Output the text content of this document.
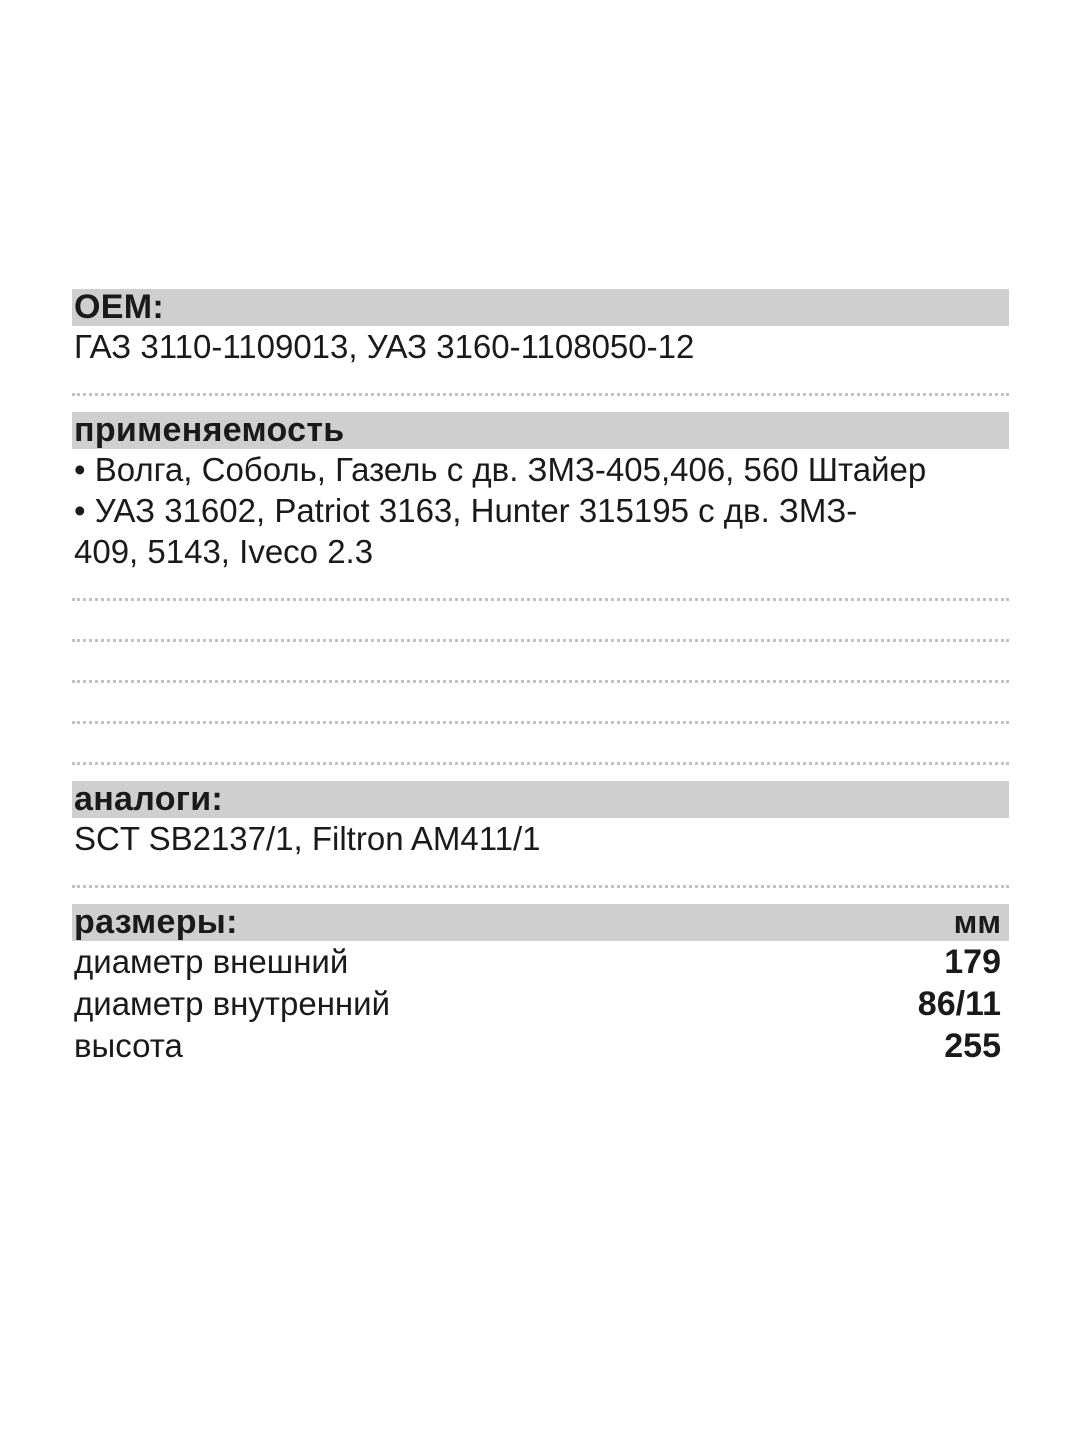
OEM:
ГАЗ 3110-1109013, УАЗ 3160-1108050-12
применяемость
• Волга, Соболь, Газель с дв. ЗМЗ-405,406, 560 Штайер
• УАЗ 31602, Patriot 3163, Hunter 315195 с дв. ЗМЗ-
409, 5143, Iveco 2.3
аналоги:
SCT SB2137/1, Filtron AM411/1
размеры:	мм
диаметр внешний	179
диаметр внутренний	86/11
высота	255
